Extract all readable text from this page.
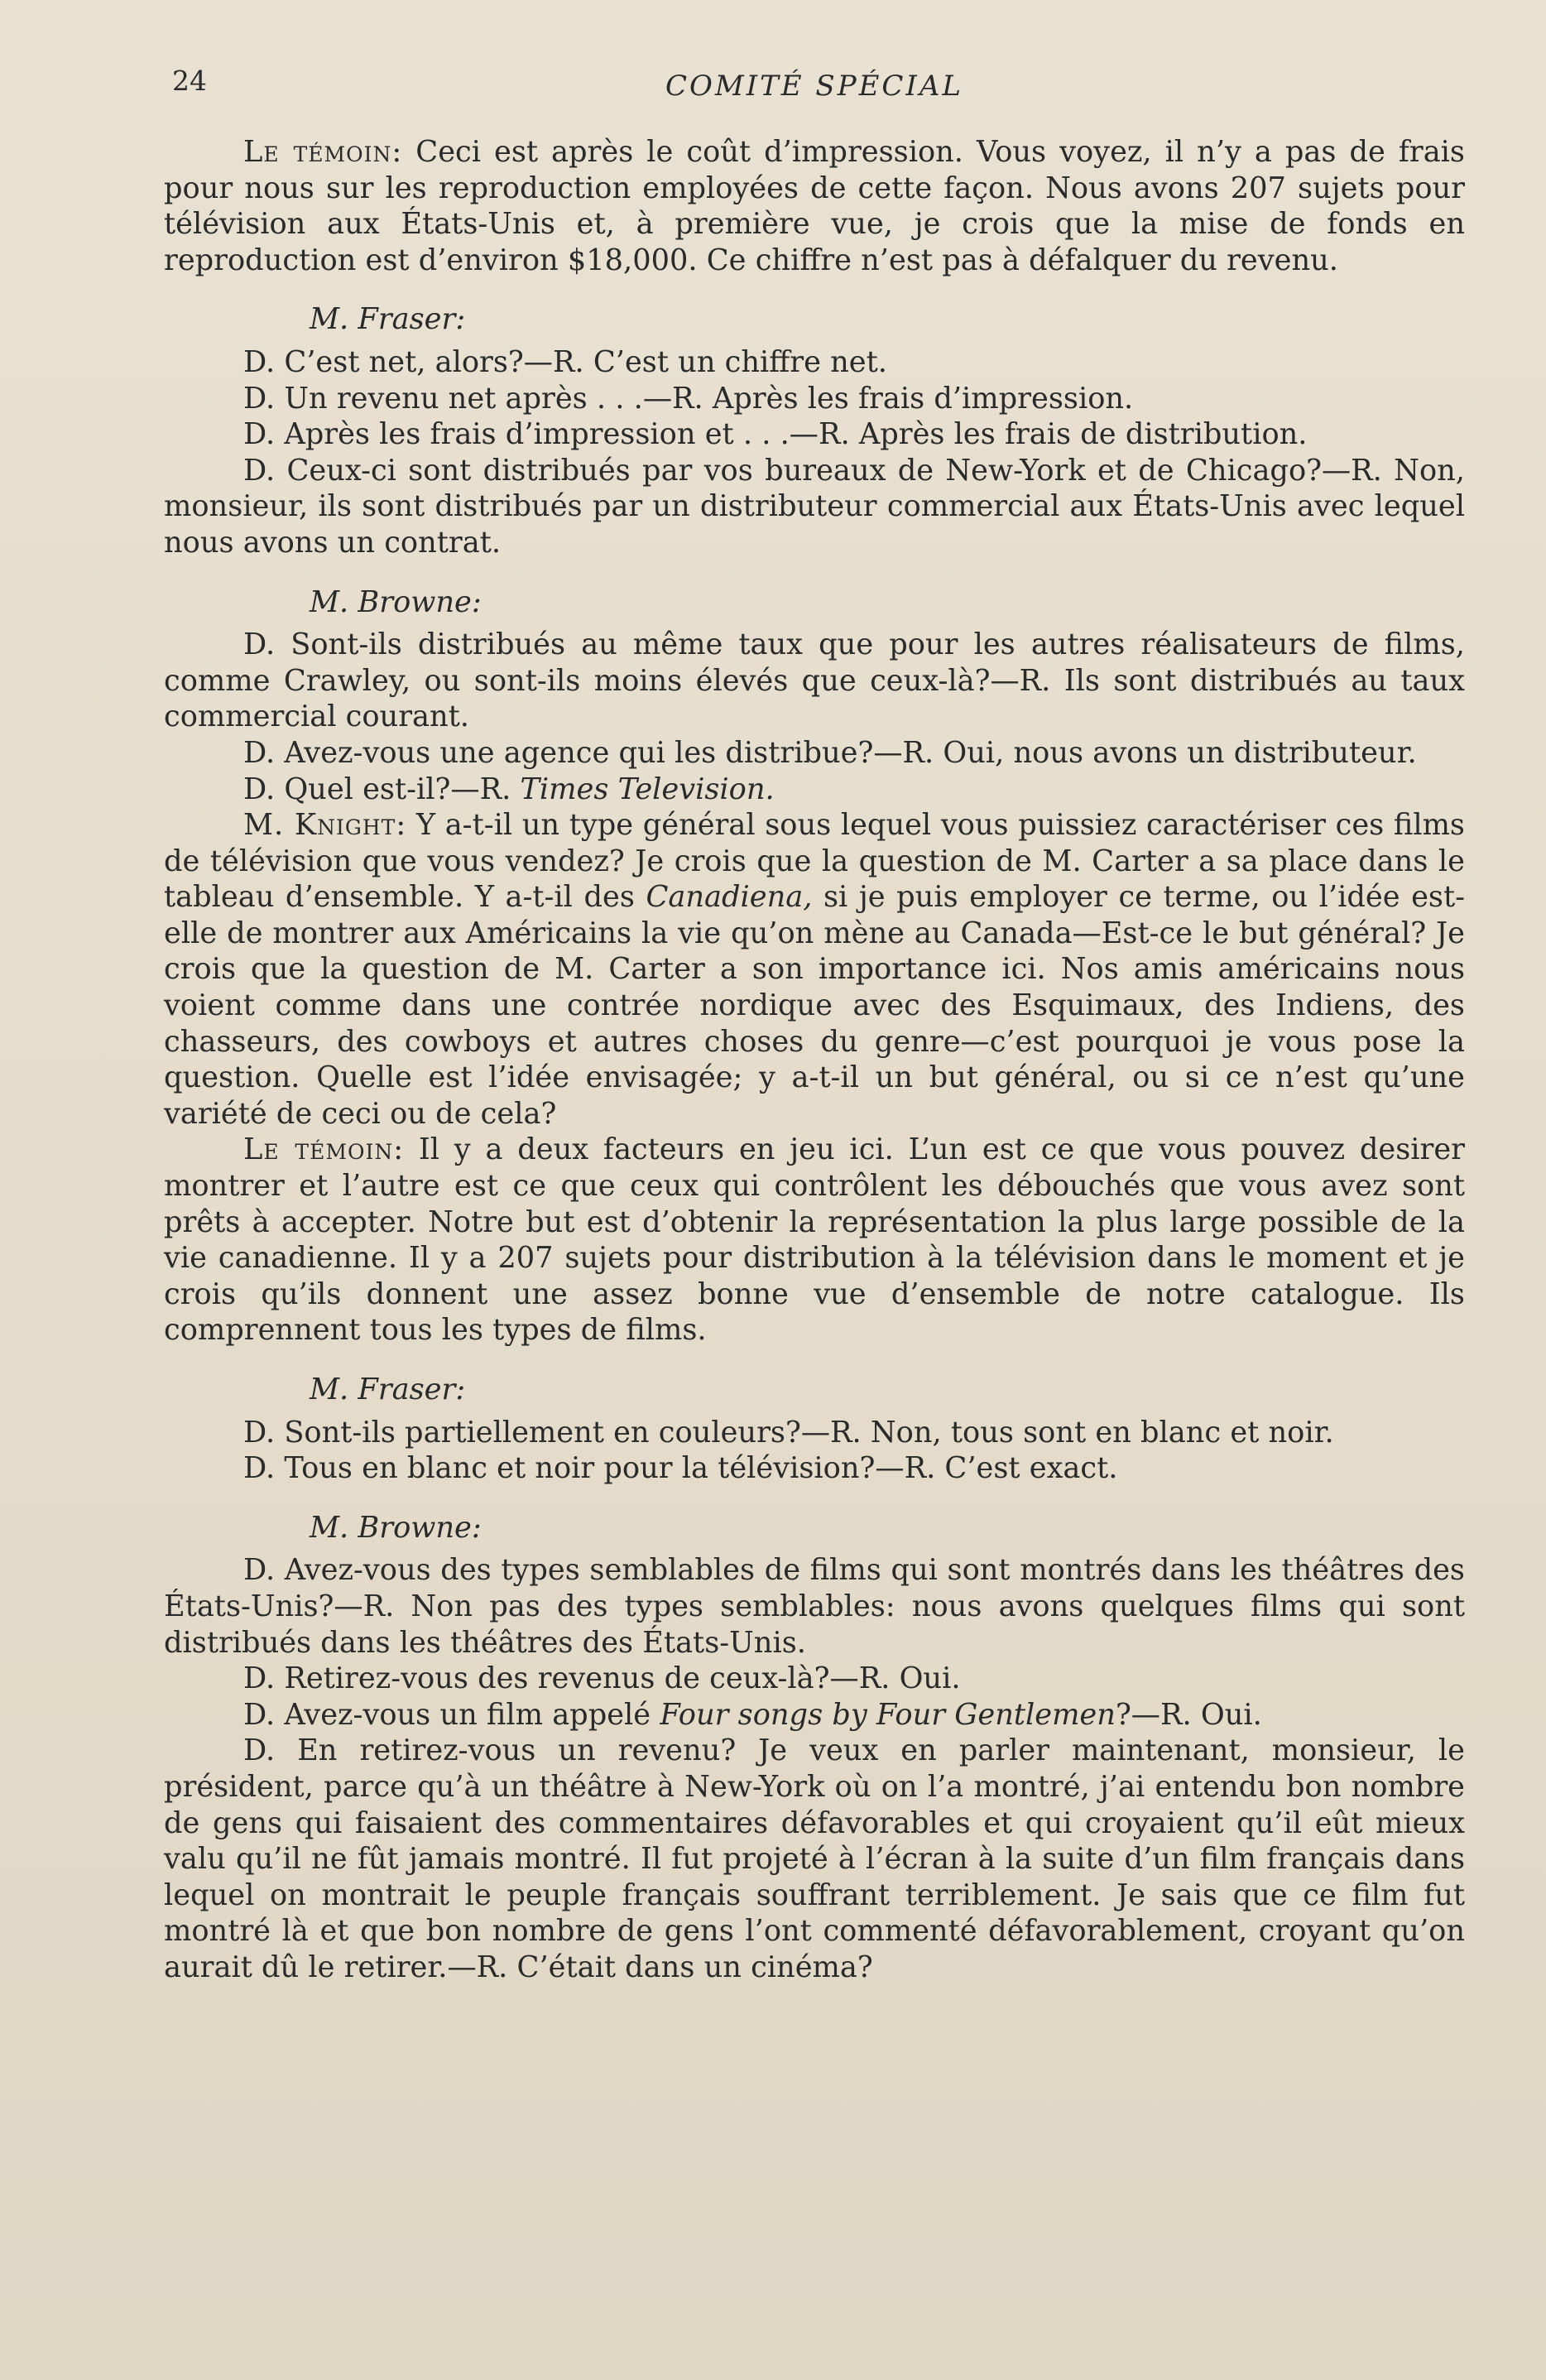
24	COMITÉ SPÉCIAL

Le témoin: Ceci est après le coût d’impression. Vous voyez, il n’y a pas de frais pour nous sur les reproduction employées de cette façon. Nous avons 207 sujets pour télévision aux États-Unis et, à première vue, je crois que la mise de fonds en reproduction est d’environ $18,000. Ce chiffre n’est pas à défalquer du revenu.

M. Fraser:

D. C’est net, alors?—R. C’est un chiffre net.

D. Un revenu net après . . .—R. Après les frais d’impression.

D. Après les frais d’impression et . . .—R. Après les frais de distribution.

D. Ceux-ci sont distribués par vos bureaux de New-York et de Chicago?—R. Non, monsieur, ils sont distribués par un distributeur commercial aux États-Unis avec lequel nous avons un contrat.

M. Browne:

D. Sont-ils distribués au même taux que pour les autres réalisateurs de films, comme Crawley, ou sont-ils moins élevés que ceux-là?—R. Ils sont distribués au taux commercial courant.

D. Avez-vous une agence qui les distribue?—R. Oui, nous avons un distributeur.

D. Quel est-il?—R. Times Television.

M. Knight: Y a-t-il un type général sous lequel vous puissiez caractériser ces films de télévision que vous vendez? Je crois que la question de M. Carter a sa place dans le tableau d’ensemble. Y a-t-il des Canadiena, si je puis employer ce terme, ou l’idée est-elle de montrer aux Américains la vie qu’on mène au Canada—Est-ce le but général? Je crois que la question de M. Carter a son importance ici. Nos amis américains nous voient comme dans une contrée nordique avec des Esquimaux, des Indiens, des chasseurs, des cowboys et autres choses du genre—c’est pourquoi je vous pose la question. Quelle est l’idée envisagée; y a-t-il un but général, ou si ce n’est qu’une variété de ceci ou de cela?

Le témoin: Il y a deux facteurs en jeu ici. L’un est ce que vous pouvez desirer montrer et l’autre est ce que ceux qui contrôlent les débouchés que vous avez sont prêts à accepter. Notre but est d’obtenir la représentation la plus large possible de la vie canadienne. Il y a 207 sujets pour distribution à la télévision dans le moment et je crois qu’ils donnent une assez bonne vue d’ensemble de notre catalogue. Ils comprennent tous les types de films.

M. Fraser:

D. Sont-ils partiellement en couleurs?—R. Non, tous sont en blanc et noir.

D. Tous en blanc et noir pour la télévision?—R. C’est exact.

M. Browne:

D. Avez-vous des types semblables de films qui sont montrés dans les théâtres des États-Unis?—R. Non pas des types semblables: nous avons quelques films qui sont distribués dans les théâtres des États-Unis.

D. Retirez-vous des revenus de ceux-là?—R. Oui.

D. Avez-vous un film appelé Four songs by Four Gentlemen?—R. Oui.

D. En retirez-vous un revenu? Je veux en parler maintenant, monsieur, le président, parce qu’à un théâtre à New-York où on l’a montré, j’ai entendu bon nombre de gens qui faisaient des commentaires défavorables et qui croyaient qu’il eût mieux valu qu’il ne fût jamais montré. Il fut projeté à l’écran à la suite d’un film français dans lequel on montrait le peuple français souffrant terriblement. Je sais que ce film fut montré là et que bon nombre de gens l’ont commenté défavorablement, croyant qu’on aurait dû le retirer.—R. C’était dans un cinéma?
